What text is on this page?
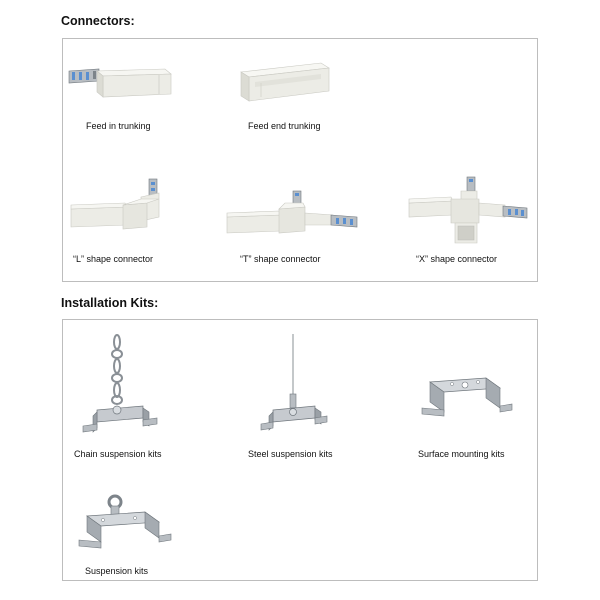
Connectors:
Feed in trunking	Feed end trunking
“L” shape connector	“T” shape connector	“X” shape connector
Installation Kits:
Chain suspension kits	Steel suspension kits	Surface mounting kits
Suspension kits
